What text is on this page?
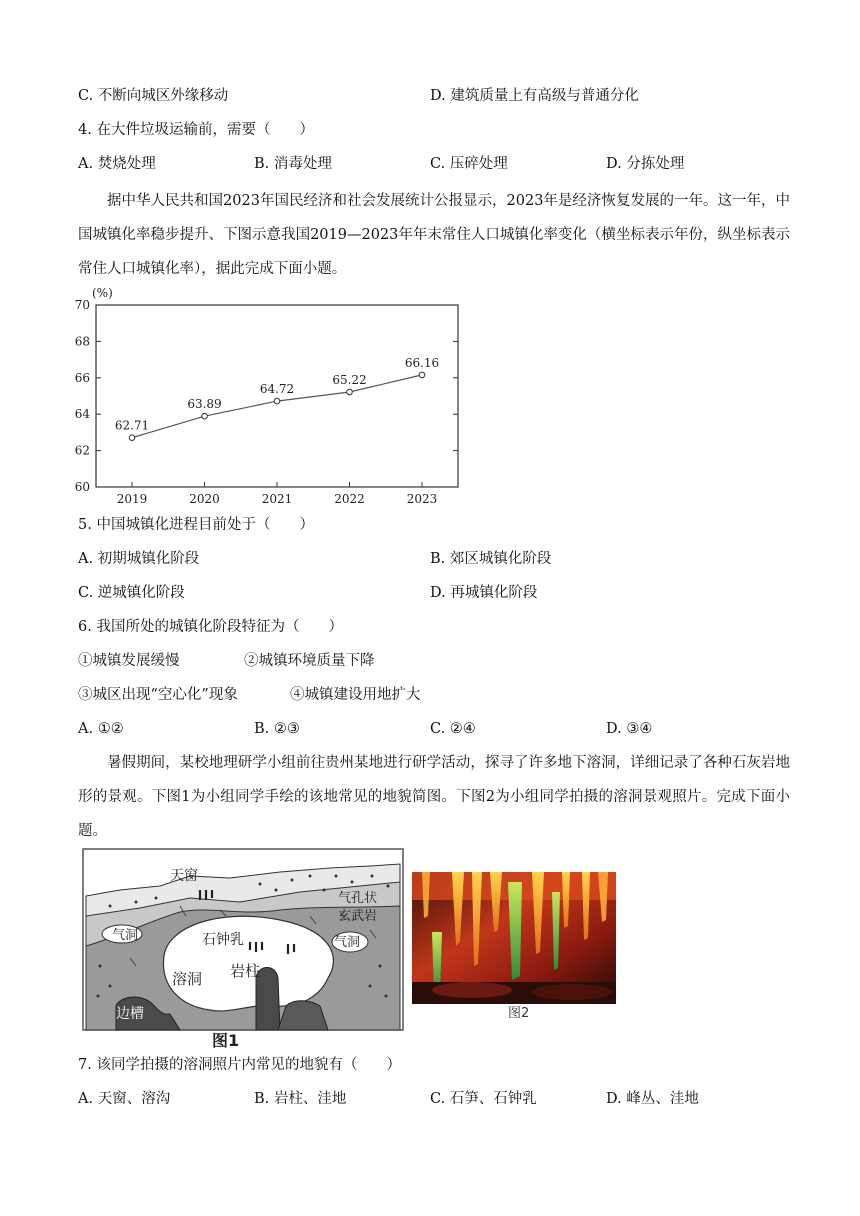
C. 不断向城区外缘移动	D. 建筑质量上有高级与普通分化
4. 在大件垃圾运输前，需要（　　）
A. 焚烧处理	B. 消毒处理	C. 压碎处理	D. 分拣处理
据中华人民共和国2023年国民经济和社会发展统计公报显示，2023年是经济恢复发展的一年。这一年，中国城镇化率稳步提升、下图示意我国2019—2023年年末常住人口城镇化率变化（横坐标表示年份，纵坐标表示常住人口城镇化率），据此完成下面小题。
60
62
64
66
68
70
(%)
2019	2020	2021	2022	2023
62.71
63.89
64.72
65.22
66.16
5. 中国城镇化进程目前处于（　　）
A. 初期城镇化阶段	B. 郊区城镇化阶段
C. 逆城镇化阶段	D. 再城镇化阶段
6. 我国所处的城镇化阶段特征为（　　）
①城镇发展缓慢	②城镇环境质量下降
③城区出现“空心化”现象	④城镇建设用地扩大
A. ①②	B. ②③	C. ②④	D. ③④
暑假期间，某校地理研学小组前往贵州某地进行研学活动，探寻了许多地下溶洞，详细记录了各种石灰岩地形的景观。下图1为小组同学手绘的该地常见的地貌简图。下图2为小组同学拍摄的溶洞景观照片。完成下面小题。
天窗
气孔状
玄武岩
气洞	气洞
石钟乳
溶洞 岩柱
边槽
图1
图2
7. 该同学拍摄的溶洞照片内常见的地貌有（　　）
A. 天窗、溶沟	B. 岩柱、洼地	C. 石笋、石钟乳	D. 峰丛、洼地
